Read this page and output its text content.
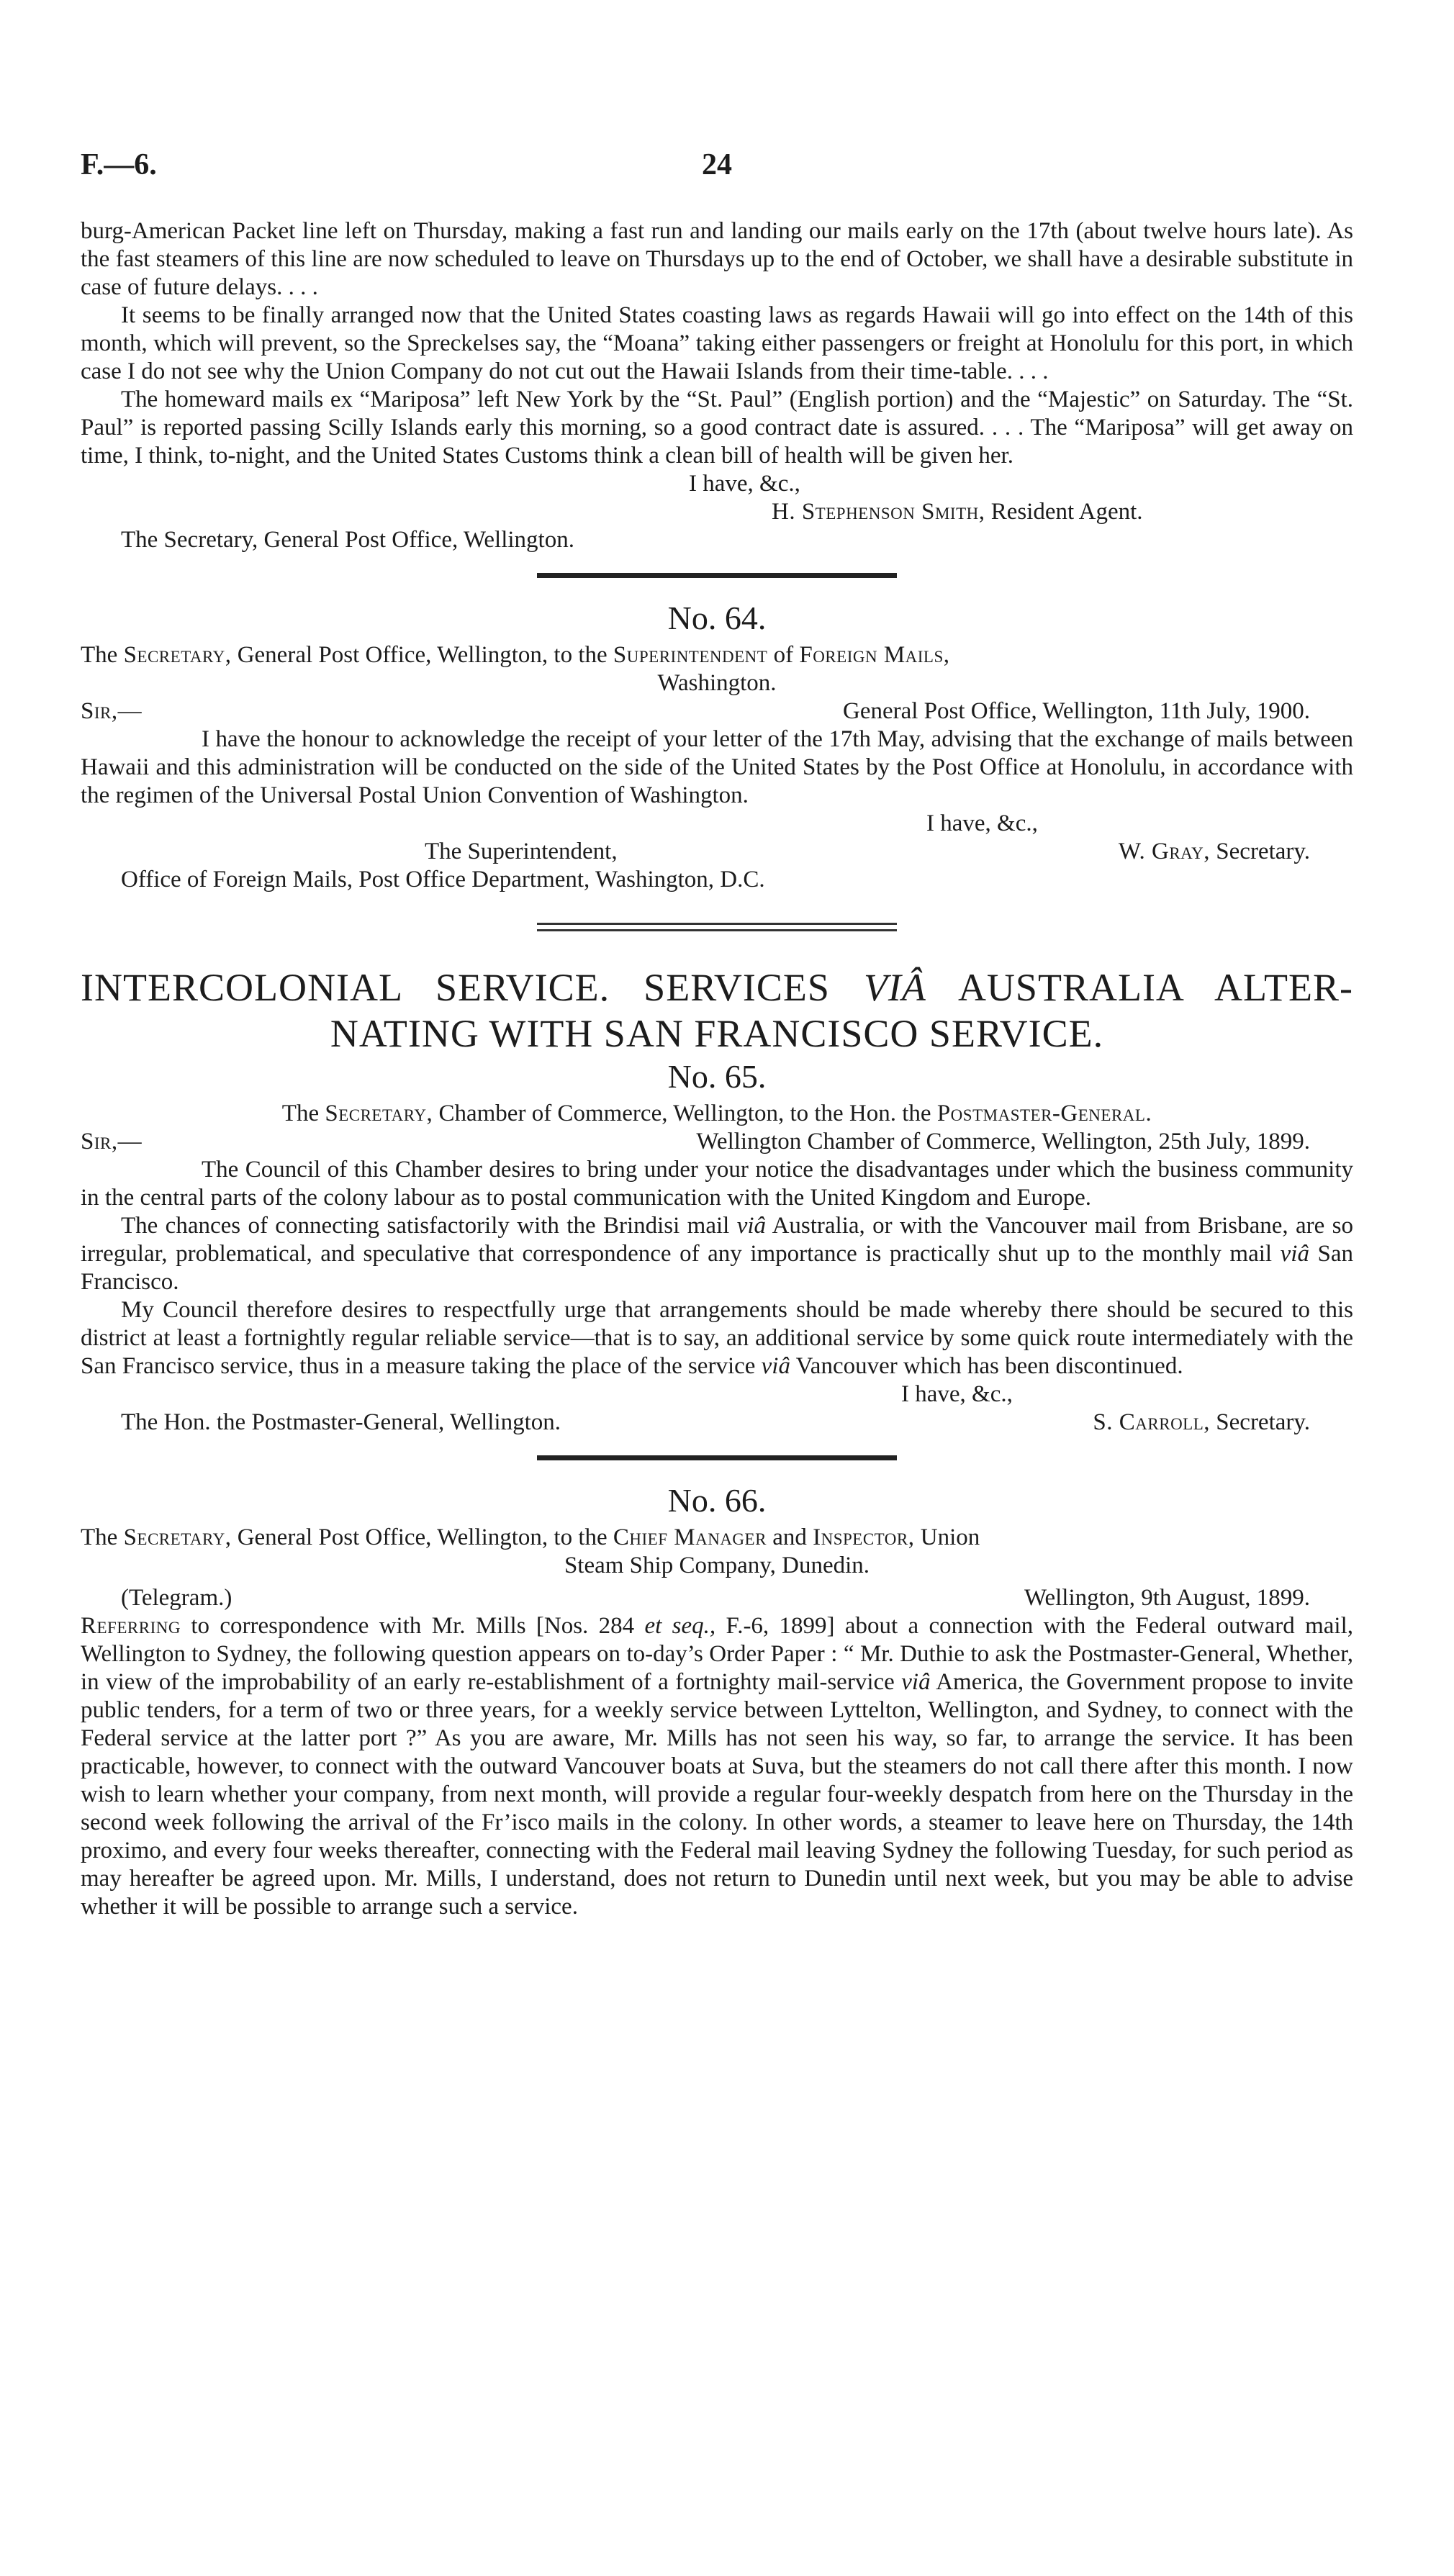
F.—6.	24

burg-American Packet line left on Thursday, making a fast run and landing our mails early on the 17th (about twelve hours late). As the fast steamers of this line are now scheduled to leave on Thursdays up to the end of October, we shall have a desirable substitute in case of future delays. . . .

It seems to be finally arranged now that the United States coasting laws as regards Hawaii will go into effect on the 14th of this month, which will prevent, so the Spreckelses say, the “Moana” taking either passengers or freight at Honolulu for this port, in which case I do not see why the Union Company do not cut out the Hawaii Islands from their time-table. . . .

The homeward mails ex “Mariposa” left New York by the “St. Paul” (English portion) and the “Majestic” on Saturday. The “St. Paul” is reported passing Scilly Islands early this morning, so a good contract date is assured. . . . The “Mariposa” will get away on time, I think, to-night, and the United States Customs think a clean bill of health will be given her.

I have, &c.,

H. Stephenson Smith, Resident Agent.

The Secretary, General Post Office, Wellington.

No. 64.

The Secretary, General Post Office, Wellington, to the Superintendent of Foreign Mails,

Washington.

Sir,—	General Post Office, Wellington, 11th July, 1900.

I have the honour to acknowledge the receipt of your letter of the 17th May, advising that the exchange of mails between Hawaii and this administration will be conducted on the side of the United States by the Post Office at Honolulu, in accordance with the regimen of the Universal Postal Union Convention of Washington.

I have, &c.,

The Superintendent,	W. Gray, Secretary.

Office of Foreign Mails, Post Office Department, Washington, D.C.

INTERCOLONIAL SERVICE. SERVICES VIÂ AUSTRALIA ALTER-
NATING WITH SAN FRANCISCO SERVICE.
No. 65.

The Secretary, Chamber of Commerce, Wellington, to the Hon. the Postmaster-General.

Sir,—	Wellington Chamber of Commerce, Wellington, 25th July, 1899.

The Council of this Chamber desires to bring under your notice the disadvantages under which the business community in the central parts of the colony labour as to postal communication with the United Kingdom and Europe.

The chances of connecting satisfactorily with the Brindisi mail viâ Australia, or with the Vancouver mail from Brisbane, are so irregular, problematical, and speculative that correspondence of any importance is practically shut up to the monthly mail viâ San Francisco.

My Council therefore desires to respectfully urge that arrangements should be made whereby there should be secured to this district at least a fortnightly regular reliable service—that is to say, an additional service by some quick route intermediately with the San Francisco service, thus in a measure taking the place of the service viâ Vancouver which has been discontinued.

I have, &c.,

The Hon. the Postmaster-General, Wellington.	S. Carroll, Secretary.
No. 66.

The Secretary, General Post Office, Wellington, to the Chief Manager and Inspector, Union

Steam Ship Company, Dunedin.

(Telegram.)	Wellington, 9th August, 1899.

Referring to correspondence with Mr. Mills [Nos. 284 et seq., F.-6, 1899] about a connection with the Federal outward mail, Wellington to Sydney, the following question appears on to-day’s Order Paper : “ Mr. Duthie to ask the Postmaster-General, Whether, in view of the improbability of an early re-establishment of a fortnighty mail-service viâ America, the Government propose to invite public tenders, for a term of two or three years, for a weekly service between Lyttelton, Wellington, and Sydney, to connect with the Federal service at the latter port ?” As you are aware, Mr. Mills has not seen his way, so far, to arrange the service. It has been practicable, however, to connect with the outward Vancouver boats at Suva, but the steamers do not call there after this month. I now wish to learn whether your company, from next month, will provide a regular four-weekly despatch from here on the Thursday in the second week following the arrival of the Fr’isco mails in the colony. In other words, a steamer to leave here on Thursday, the 14th proximo, and every four weeks thereafter, connecting with the Federal mail leaving Sydney the following Tuesday, for such period as may hereafter be agreed upon. Mr. Mills, I understand, does not return to Dunedin until next week, but you may be able to advise whether it will be possible to arrange such a service.
